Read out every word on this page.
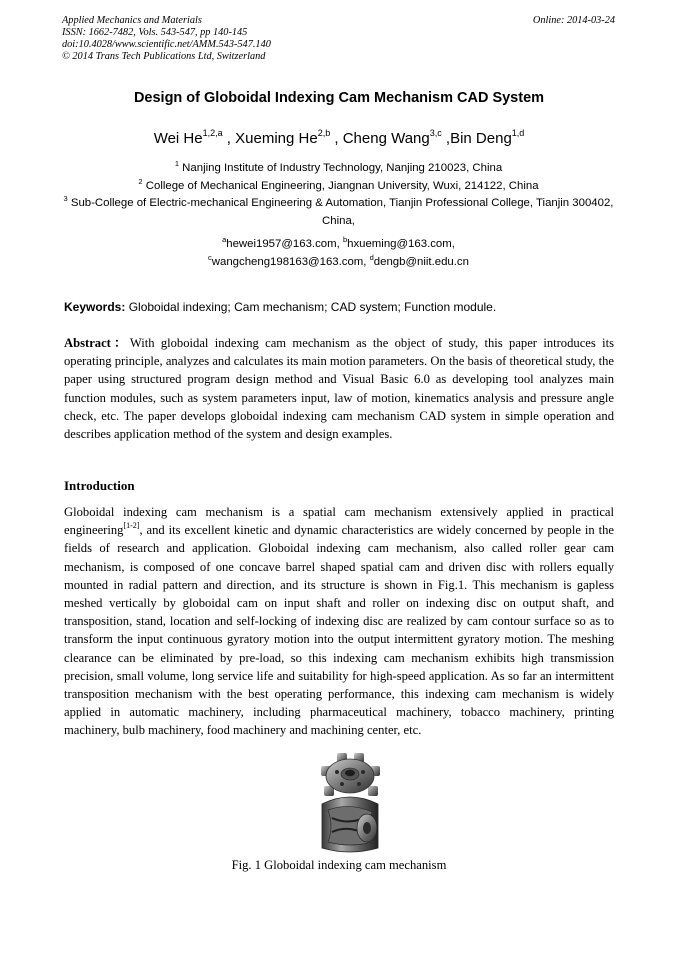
Applied Mechanics and Materials
ISSN: 1662-7482, Vols. 543-547, pp 140-145
doi:10.4028/www.scientific.net/AMM.543-547.140
© 2014 Trans Tech Publications Ltd, Switzerland
Online: 2014-03-24
Design of Globoidal Indexing Cam Mechanism CAD System
Wei He$^{1,2,a}$ , Xueming He$^{2,b}$ , Cheng Wang$^{3,c}$ ,Bin Deng$^{1,d}$
$^1$ Nanjing Institute of Industry Technology, Nanjing 210023, China
$^2$ College of Mechanical Engineering, Jiangnan University, Wuxi, 214122, China
$^3$ Sub-College of Electric-mechanical Engineering & Automation, Tianjin Professional College, Tianjin 300402, China,
$^a$hewei1957@163.com, $^b$hxueming@163.com,
$^c$wangcheng198163@163.com, $^d$dengb@niit.edu.cn
Keywords: Globoidal indexing; Cam mechanism; CAD system; Function module.
Abstract：With globoidal indexing cam mechanism as the object of study, this paper introduces its operating principle, analyzes and calculates its main motion parameters. On the basis of theoretical study, the paper using structured program design method and Visual Basic 6.0 as developing tool analyzes main function modules, such as system parameters input, law of motion, kinematics analysis and pressure angle check, etc. The paper develops globoidal indexing cam mechanism CAD system in simple operation and describes application method of the system and design examples.
Introduction
Globoidal indexing cam mechanism is a spatial cam mechanism extensively applied in practical engineering[1-2], and its excellent kinetic and dynamic characteristics are widely concerned by people in the fields of research and application. Globoidal indexing cam mechanism, also called roller gear cam mechanism, is composed of one concave barrel shaped spatial cam and driven disc with rollers equally mounted in radial pattern and direction, and its structure is shown in Fig.1. This mechanism is gapless meshed vertically by globoidal cam on input shaft and roller on indexing disc on output shaft, and transposition, stand, location and self-locking of indexing disc are realized by cam contour surface so as to transform the input continuous gyratory motion into the output intermittent gyratory motion. The meshing clearance can be eliminated by pre-load, so this indexing cam mechanism exhibits high transmission precision, small volume, long service life and suitability for high-speed application. As so far an intermittent transposition mechanism with the best operating performance, this indexing cam mechanism is widely applied in automatic machinery, including pharmaceutical machinery, tobacco machinery, printing machinery, bulb machinery, food machinery and machining center, etc.
Fig. 1 Globoidal indexing cam mechanism
